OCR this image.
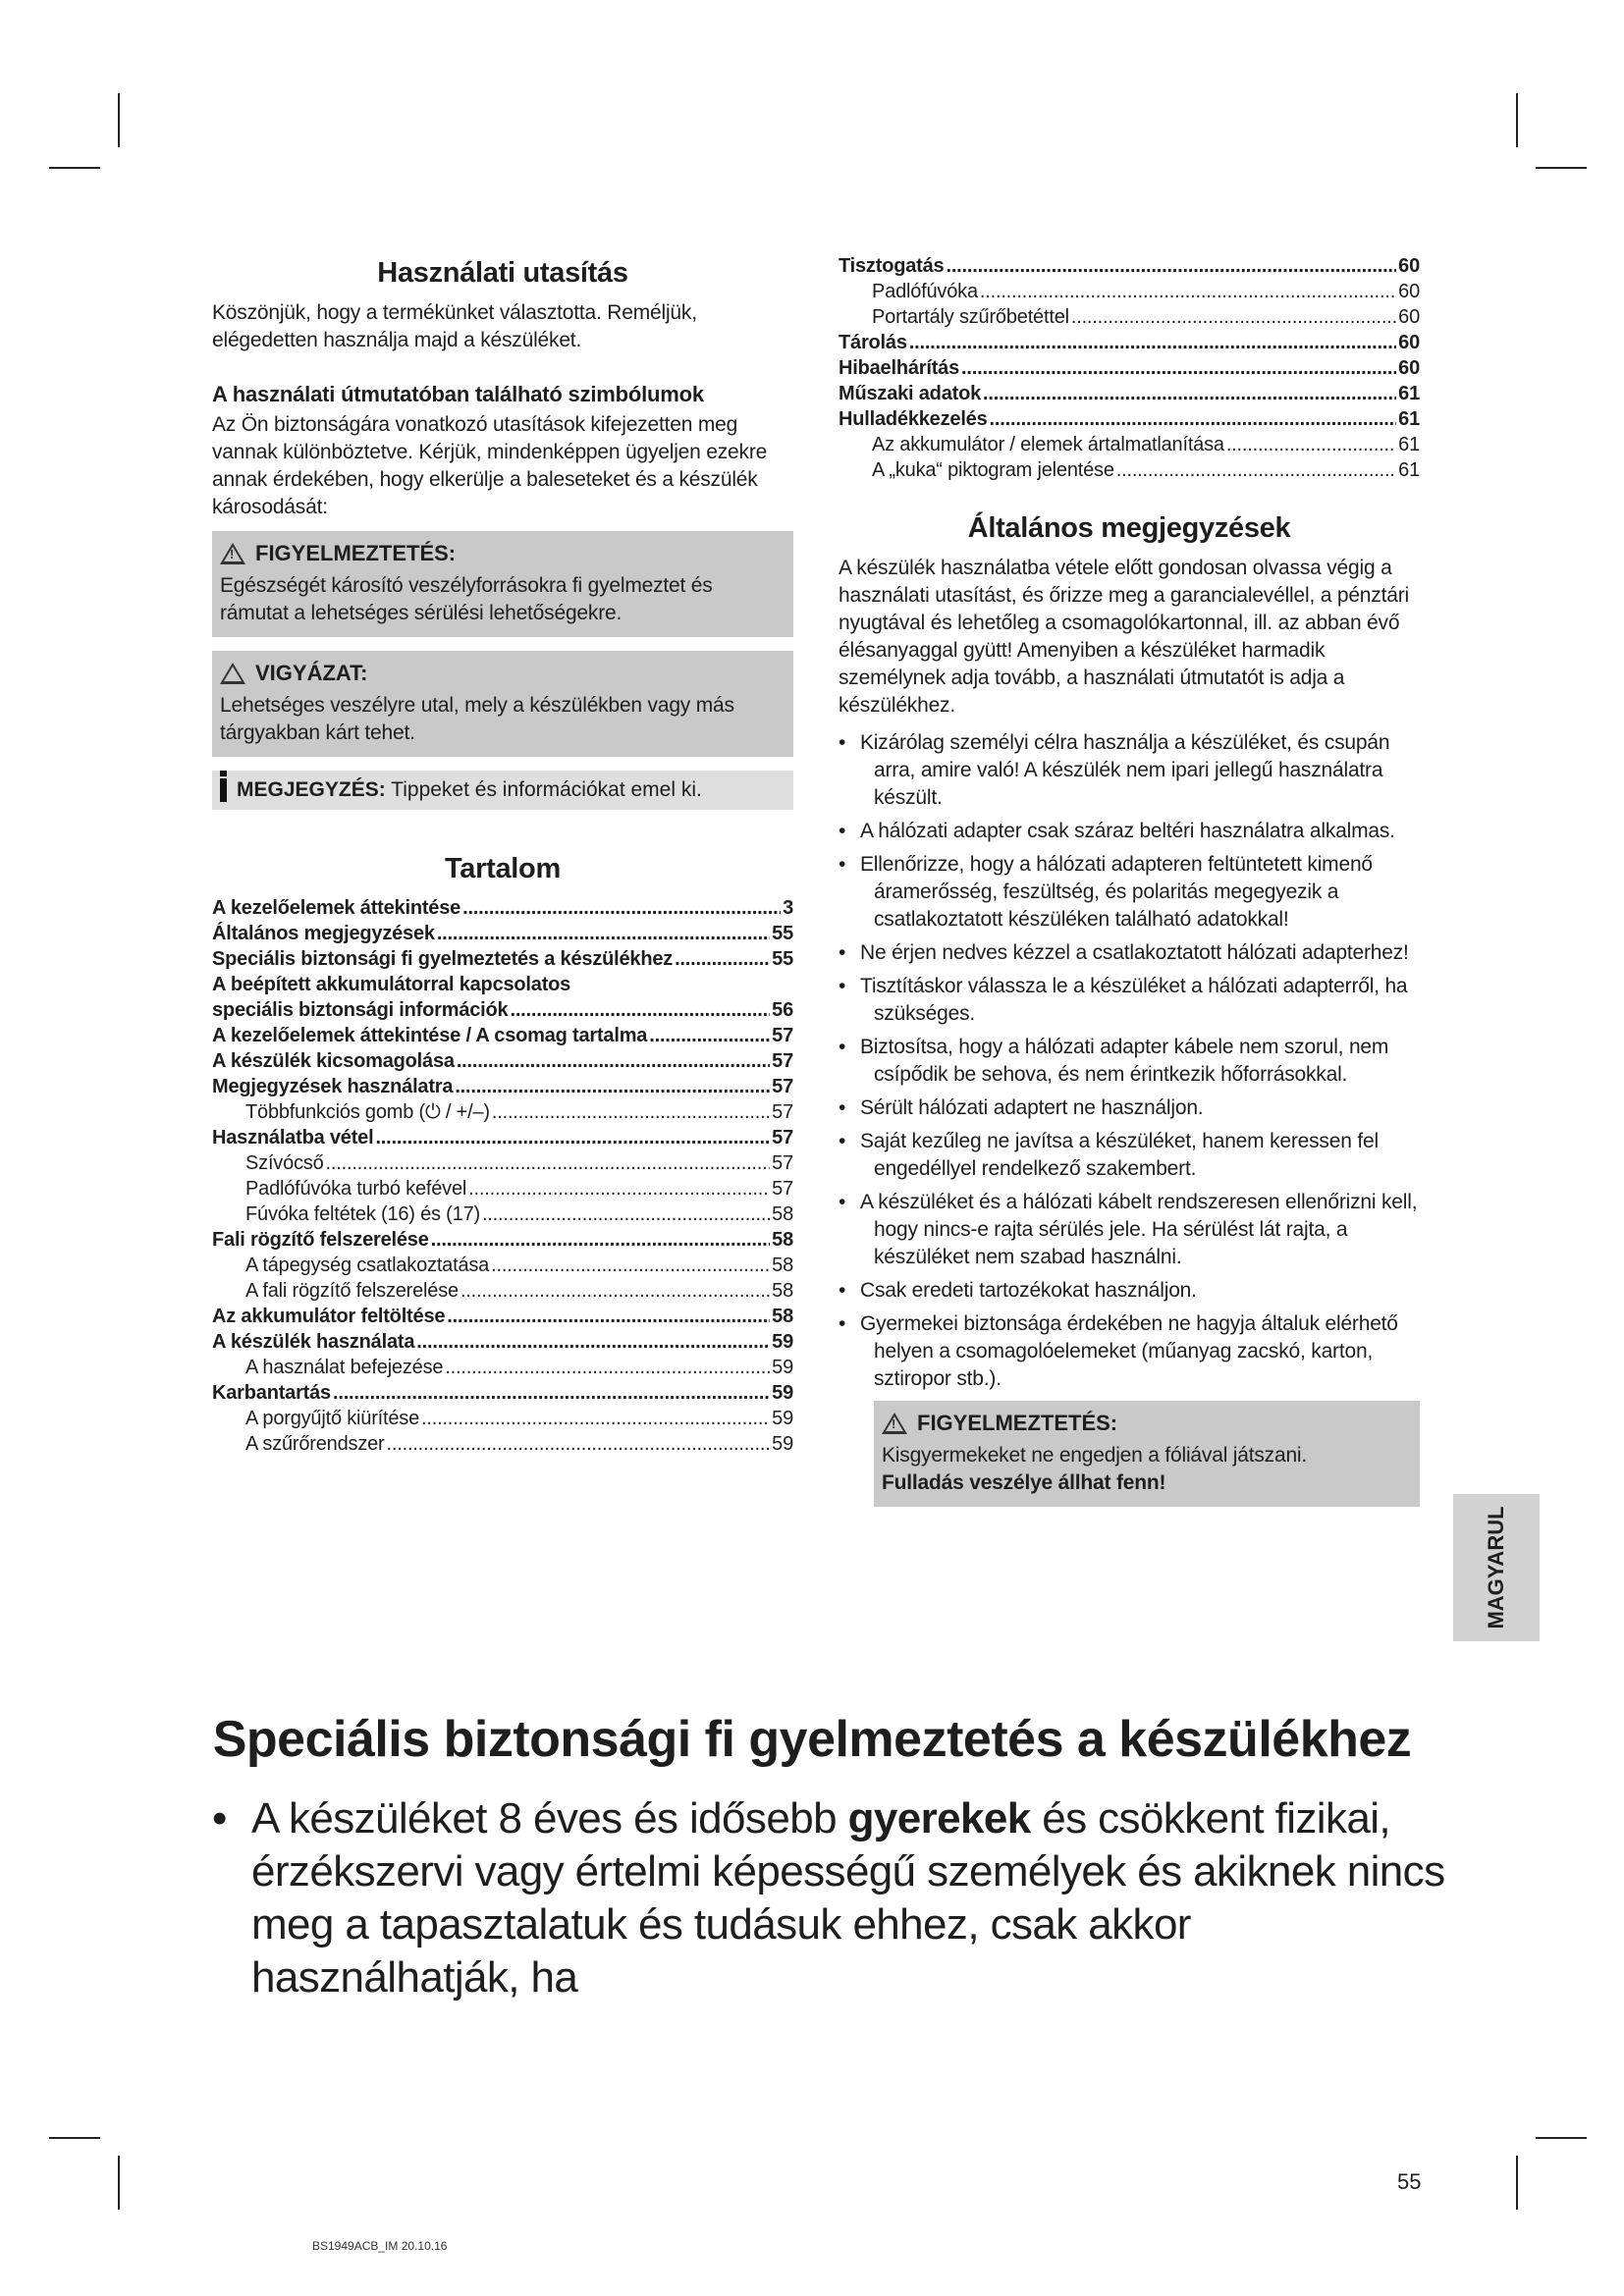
Használati utasítás

Köszönjük, hogy a termékünket választotta. Reméljük, elégedetten használja majd a készüléket.

A használati útmutatóban található szimbólumok

Az Ön biztonságára vonatkozó utasítások kifejezetten meg vannak különböztetve. Kérjük, mindenképpen ügyeljen ezekre annak érdekében, hogy elkerülje a baleseteket és a készülék károsodását:

!
FIGYELMEZTETÉS:

Egészségét károsító veszélyforrásokra fi gyelmeztet és rámutat a lehetséges sérülési lehetőségekre.

VIGYÁZAT:

Lehetséges veszélyre utal, mely a készülékben vagy más tárgyakban kárt tehet.

MEGJEGYZÉS: Tippeket és információkat emel ki.
Tartalom
A kezelőelemek áttekintése .....	3
Általános megjegyzések .....	55
Speciális biztonsági fi gyelmeztetés a készülékhez .....	55
A beépített akkumulátorral kapcsolatos
speciális biztonsági információk .....	56
A kezelőelemek áttekintése / A csomag tartalma .....	57
A készülék kicsomagolása .....	57
Megjegyzések használatra .....	57
Többfunkciós gomb (⏻ / +/–) .....	57
Használatba vétel .....	57
Szívócső .....	57
Padlófúvóka turbó kefével .....	57
Fúvóka feltétek (16) és (17) .....	58
Fali rögzítő felszerelése .....	58
A tápegység csatlakoztatása .....	58
A fali rögzítő felszerelése .....	58
Az akkumulátor feltöltése .....	58
A készülék használata .....	59
A használat befejezése .....	59
Karbantartás .....	59
A porgyűjtő kiürítése .....	59
A szűrőrendszer .....	59
Tisztogatás .....	60
Padlófúvóka .....	60
Portartály szűrőbetéttel .....	60
Tárolás .....	60
Hibaelhárítás .....	60
Műszaki adatok .....	61
Hulladékkezelés .....	61
Az akkumulátor / elemek ártalmatlanítása .....	61
A „kuka“ piktogram jelentése .....	61
Általános megjegyzések

A készülék használatba vétele előtt gondosan olvassa végig a használati utasítást, és őrizze meg a garancialevéllel, a pénztári nyugtával és lehetőleg a csomagolókartonnal, ill. az abban évő élésanyaggal gyütt! Amenyiben a készüléket harmadik személynek adja tovább, a használati útmutatót is adja a készülékhez.

• Kizárólag személyi célra használja a készüléket, és csupán arra, amire való! A készülék nem ipari jellegű használatra készült.
• A hálózati adapter csak száraz beltéri használatra alkalmas.
• Ellenőrizze, hogy a hálózati adapteren feltüntetett kimenő áramerősség, feszültség, és polaritás megegyezik a csatlakoztatott készüléken található adatokkal!
• Ne érjen nedves kézzel a csatlakoztatott hálózati adapterhez!
• Tisztításkor válassza le a készüléket a hálózati adapterről, ha szükséges.
• Biztosítsa, hogy a hálózati adapter kábele nem szorul, nem csípődik be sehova, és nem érintkezik hőforrásokkal.
• Sérült hálózati adaptert ne használjon.
• Saját kezűleg ne javítsa a készüléket, hanem keressen fel engedéllyel rendelkező szakembert.
• A készüléket és a hálózati kábelt rendszeresen ellenőrizni kell, hogy nincs-e rajta sérülés jele. Ha sérülést lát rajta, a készüléket nem szabad használni.
• Csak eredeti tartozékokat használjon.
• Gyermekei biztonsága érdekében ne hagyja általuk elérhető helyen a csomagolóelemeket (műanyag zacskó, karton, sztiropor stb.).
!
FIGYELMEZTETÉS:

Kisgyermekeket ne engedjen a fóliával játszani.

Fulladás veszélye állhat fenn!

MAGYARUL
Speciális biztonsági fi gyelmeztetés a készülékhez
• A készüléket 8 éves és idősebb gyerekek és csökkent fizikai, érzékszervi vagy értelmi képességű személyek és akiknek nincs meg a tapasztalatuk és tudásuk ehhez, csak akkor használhatják, ha
55
BS1949ACB_IM 20.10.16
